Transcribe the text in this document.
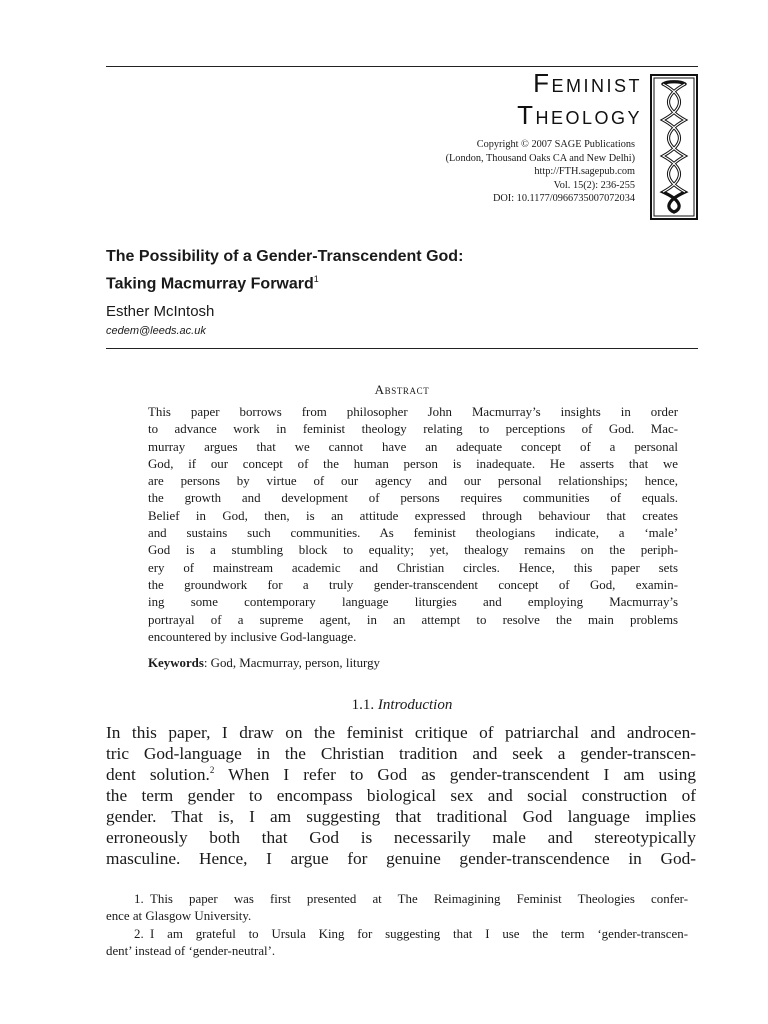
Feminist
Theology
Copyright © 2007 SAGE Publications
(London, Thousand Oaks CA and New Delhi)
http://FTH.sagepub.com
Vol. 15(2): 236-255
DOI: 10.1177/0966735007072034
The Possibility of a Gender-Transcendent God:
Taking Macmurray Forward$^1$
Esther McIntosh
cedem@leeds.ac.uk
Abstract
This paper borrows from philosopher John Macmurray’s insights in order
to advance work in feminist theology relating to perceptions of God. Mac-
murray argues that we cannot have an adequate concept of a personal
God, if our concept of the human person is inadequate. He asserts that we
are persons by virtue of our agency and our personal relationships; hence,
the growth and development of persons requires communities of equals.
Belief in God, then, is an attitude expressed through behaviour that creates
and sustains such communities. As feminist theologians indicate, a ‘male’
God is a stumbling block to equality; yet, thealogy remains on the periph-
ery of mainstream academic and Christian circles. Hence, this paper sets
the groundwork for a truly gender-transcendent concept of God, examin-
ing some contemporary language liturgies and employing Macmurray’s
portrayal of a supreme agent, in an attempt to resolve the main problems
encountered by inclusive God-language.
Keywords: God, Macmurray, person, liturgy
1.1. Introduction
In this paper, I draw on the feminist critique of patriarchal and androcen-
tric God-language in the Christian tradition and seek a gender-transcen-
dent solution.$^2$ When I refer to God as gender-transcendent I am using
the term gender to encompass biological sex and social construction of
gender. That is, I am suggesting that traditional God language implies
erroneously both that God is necessarily male and stereotypically
masculine. Hence, I argue for genuine gender-transcendence in God-
1. This paper was first presented at The Reimagining Feminist Theologies confer-
ence at Glasgow University.
2. I am grateful to Ursula King for suggesting that I use the term ‘gender-transcen-
dent’ instead of ‘gender-neutral’.
